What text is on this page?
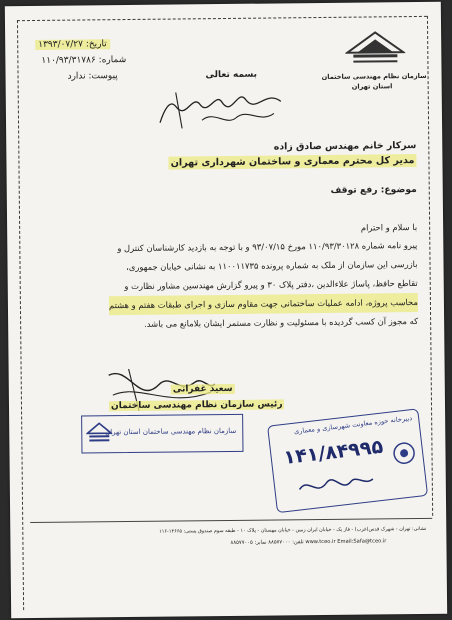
سازمان نظام مهندسی ساختمان
استان تهران
تاریخ: ۱۳۹۳/۰۷/۲۷
شماره: ۱۱۰/۹۳/۳۱۷۸۶
پیوست: ندارد	بسمه تعالی
سرکار خانم مهندس صادق زاده
مدیر کل محترم معماری و ساختمان شهرداری تهران
موضوع: رفع توقف
با سلام و احترام
پیرو نامه شماره ۱۱۰/۹۳/۳۰۱۲۸ مورخ ۹۳/۰۷/۱۵ و با توجه به بازدید کارشناسان کنترل و
بازرسی این سازمان از ملک به شماره پرونده ۱۱۰۰۱۱۷۳۵ به نشانی خیابان جمهوری،
تقاطع حافظ، پاساژ علاءالدین ،دفتر پلاک ۳۰ و پیرو گزارش مهندسین مشاور نظارت و
محاسب پروژه، ادامه عملیات ساختمانی جهت مقاوم سازی و اجرای طبقات هفتم و هشتم
که مجوز آن کسب گردیده با مسئولیت و نظارت مستمر ایشان بلامانع می باشد.
سعید غفرانی
رئیس سازمان نظام مهندسی ساختمان
سازمان نظام مهندسی ساختمان استان تهران	دبیرخانه حوزه معاونت شهرسازی و معماری
۱۴۱/۸۴۹۹۵
نشانی: تهران - شهرک قدس(غرب) - فاز یک - خیابان ایران زمین - خیابان مهستان - پلاک ۱۰ - طبقه سوم صندوق پستی: ۱۴۶۶۵-۱۱۶
www.tceo.ir Email:Safa@tceo.ir تلفن: ۸۸۵۷۷۰۰۰ نمابر: ۸۸۵۷۷۰۰۵
